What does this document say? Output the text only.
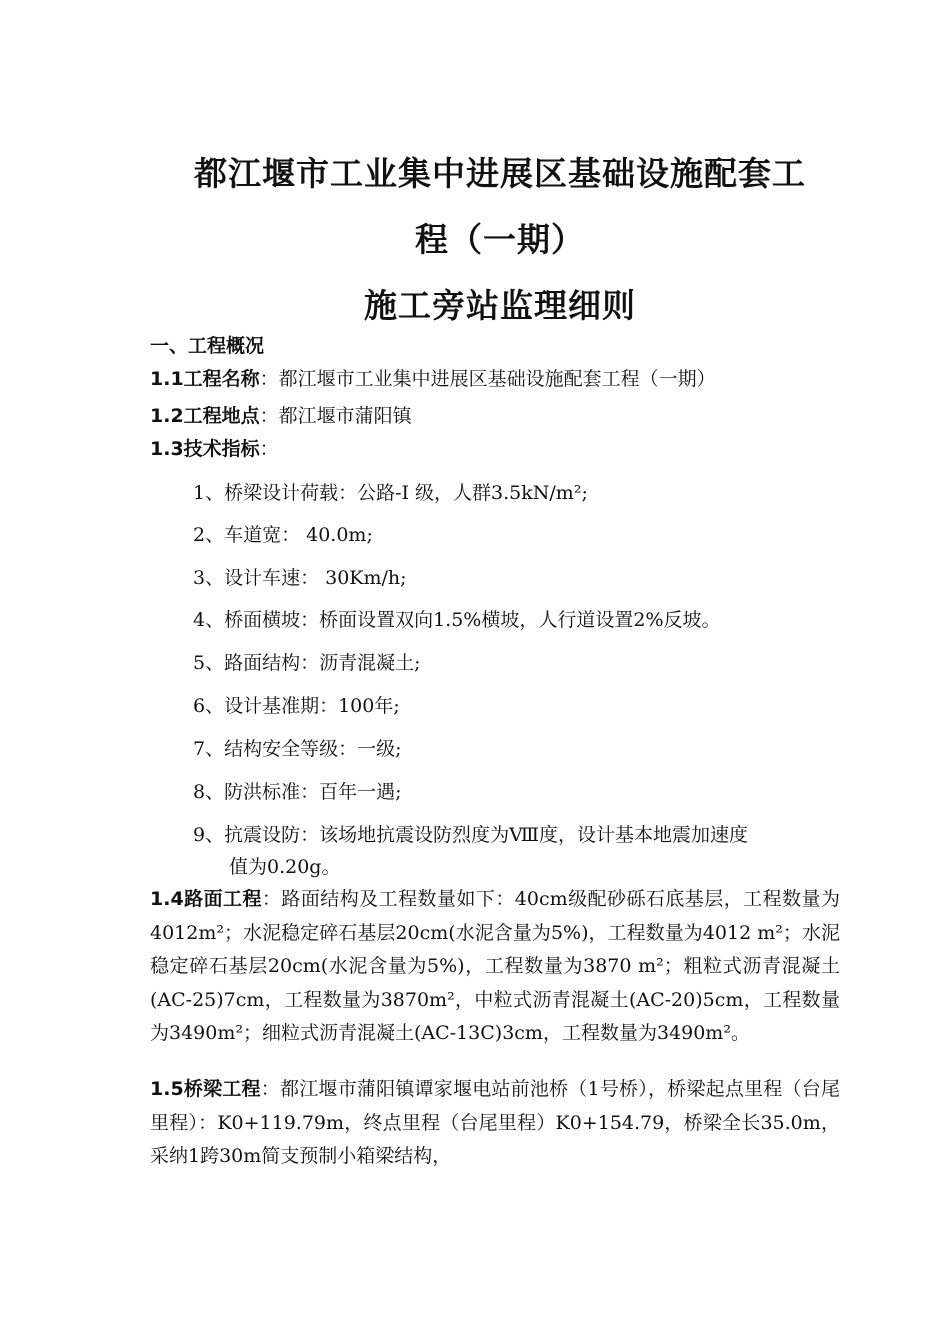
都江堰市工业集中进展区基础设施配套工
程（一期）
施工旁站监理细则
一、工程概况
1.1工程名称：都江堰市工业集中进展区基础设施配套工程（一期）
1.2工程地点：都江堰市蒲阳镇
1.3技术指标：
1、桥梁设计荷载：公路-Ⅰ 级，人群3.5kN/m²;
2、车道宽： 40.0m;
3、设计车速： 30Km/h;
4、桥面横坡：桥面设置双向1.5%横坡，人行道设置2%反坡。
5、路面结构：沥青混凝土;
6、设计基准期：100年;
7、结构安全等级：一级;
8、防洪标准：百年一遇;
9、抗震设防：该场地抗震设防烈度为Ⅷ度，设计基本地震加速度
值为0.20g。
1.4路面工程：路面结构及工程数量如下：40cm级配砂砾石底基层，工程数量为4012m²；水泥稳定碎石基层20cm(水泥含量为5%)，工程数量为4012 m²；水泥稳定碎石基层20cm(水泥含量为5%)，工程数量为3870 m²；粗粒式沥青混凝土(AC-25)7cm，工程数量为3870m²，中粒式沥青混凝土(AC-20)5cm，工程数量为3490m²；细粒式沥青混凝土(AC-13C)3cm，工程数量为3490m²。
1.5桥梁工程：都江堰市蒲阳镇谭家堰电站前池桥（1号桥），桥梁起点里程（台尾里程）：K0+119.79m，终点里程（台尾里程）K0+154.79，桥梁全长35.0m，采纳1跨30m简支预制小箱梁结构，
